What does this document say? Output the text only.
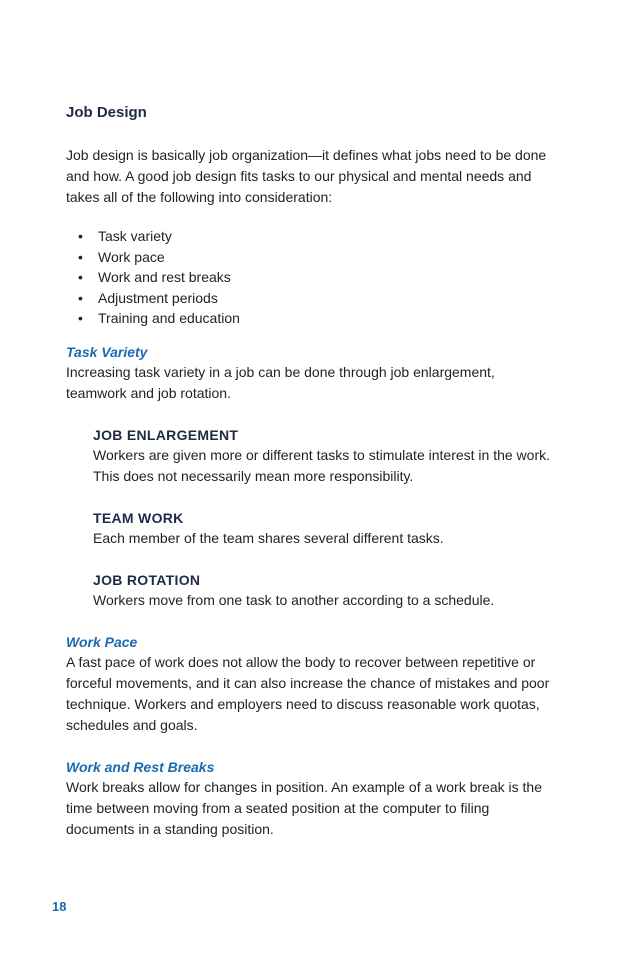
Job Design

Job design is basically job organization—it defines what jobs need to be done and how. A good job design fits tasks to our physical and mental needs and takes all of the following into consideration:

• Task variety
• Work pace
• Work and rest breaks
• Adjustment periods
• Training and education
Task Variety

Increasing task variety in a job can be done through job enlargement, teamwork and job rotation.

JOB ENLARGEMENT

Workers are given more or different tasks to stimulate interest in the work. This does not necessarily mean more responsibility.

TEAM WORK

Each member of the team shares several different tasks.

JOB ROTATION

Workers move from one task to another according to a schedule.

Work Pace

A fast pace of work does not allow the body to recover between repetitive or forceful movements, and it can also increase the chance of mistakes and poor technique. Workers and employers need to discuss reasonable work quotas, schedules and goals.

Work and Rest Breaks

Work breaks allow for changes in position. An example of a work break is the time between moving from a seated position at the computer to filing documents in a standing position.

18
